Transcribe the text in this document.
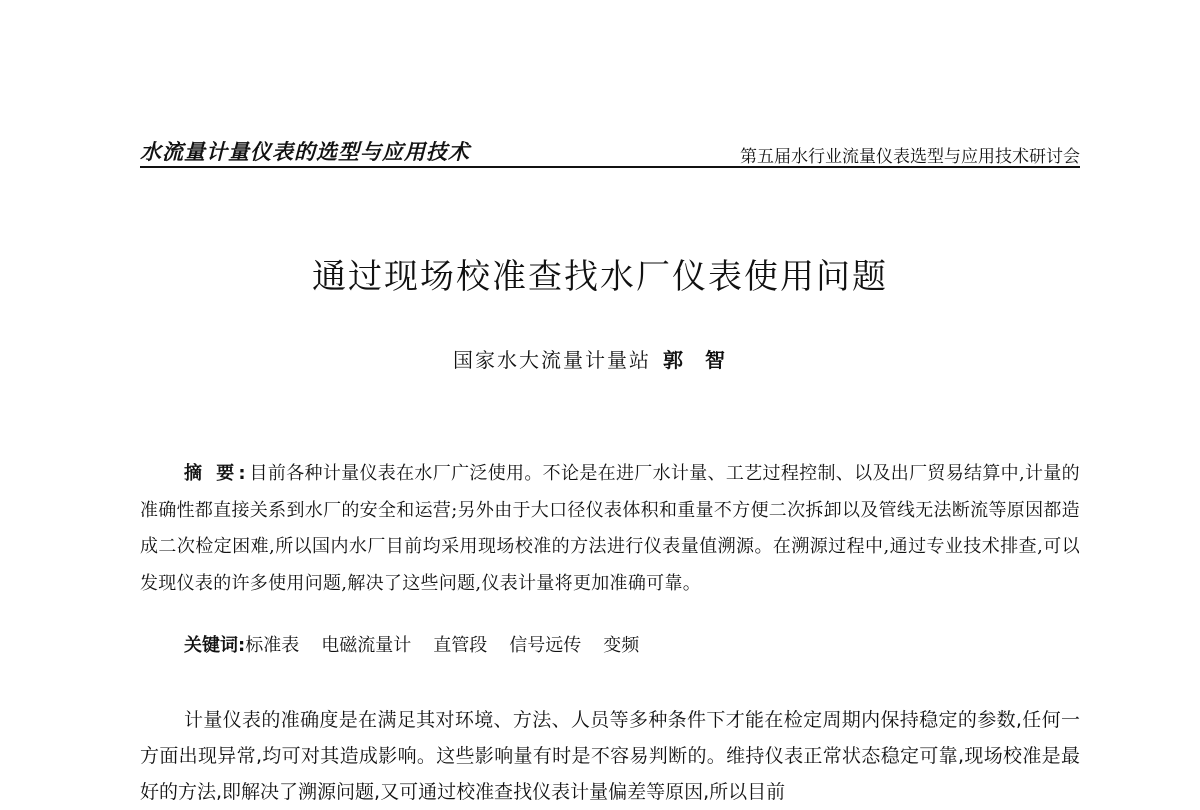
水流量计量仪表的选型与应用技术	第五届水行业流量仪表选型与应用技术研讨会
通过现场校准查找水厂仪表使用问题
国家水大流量计量站 郭智
摘 要:目前各种计量仪表在水厂广泛使用。不论是在进厂水计量、工艺过程控制、以及出厂贸易结算中,计量的准确性都直接关系到水厂的安全和运营;另外由于大口径仪表体积和重量不方便二次拆卸以及管线无法断流等原因都造成二次检定困难,所以国内水厂目前均采用现场校准的方法进行仪表量值溯源。在溯源过程中,通过专业技术排查,可以发现仪表的许多使用问题,解决了这些问题,仪表计量将更加准确可靠。
关键词:标准表 电磁流量计 直管段 信号远传 变频
计量仪表的准确度是在满足其对环境、方法、人员等多种条件下才能在检定周期内保持稳定的参数,任何一方面出现异常,均可对其造成影响。这些影响量有时是不容易判断的。维持仪表正常状态稳定可靠,现场校准是最好的方法,即解决了溯源问题,又可通过校准查找仪表计量偏差等原因,所以目前
